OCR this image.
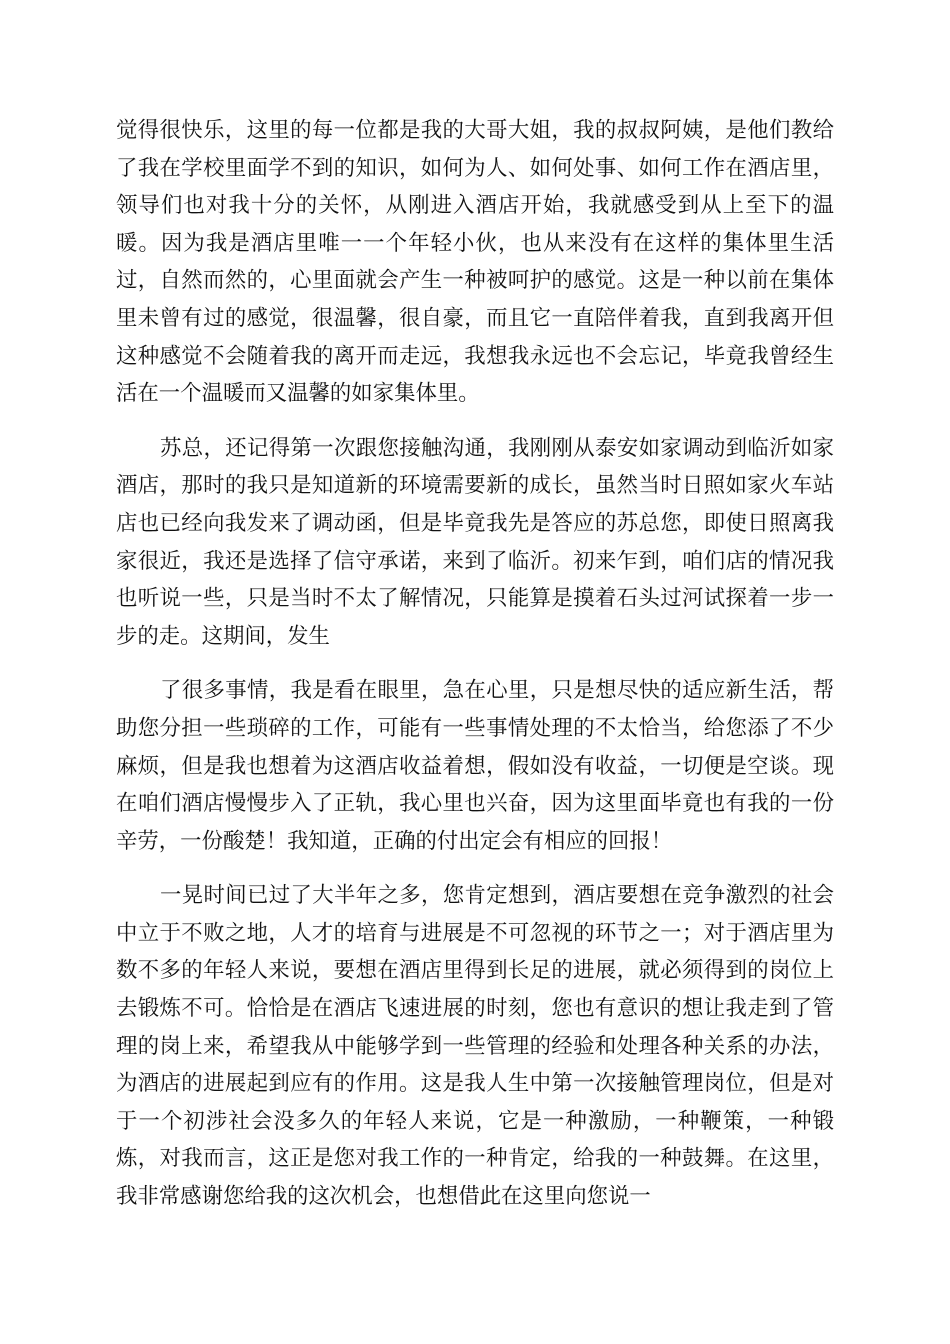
觉得很快乐，这里的每一位都是我的大哥大姐，我的叔叔阿姨，是他们教给了我在学校里面学不到的知识，如何为人、如何处事、如何工作在酒店里，领导们也对我十分的关怀，从刚进入酒店开始，我就感受到从上至下的温暖。因为我是酒店里唯一一个年轻小伙，也从来没有在这样的集体里生活过，自然而然的，心里面就会产生一种被呵护的感觉。这是一种以前在集体里未曾有过的感觉，很温馨，很自豪，而且它一直陪伴着我，直到我离开但这种感觉不会随着我的离开而走远，我想我永远也不会忘记，毕竟我曾经生活在一个温暖而又温馨的如家集体里。

苏总，还记得第一次跟您接触沟通，我刚刚从泰安如家调动到临沂如家酒店，那时的我只是知道新的环境需要新的成长，虽然当时日照如家火车站店也已经向我发来了调动函，但是毕竟我先是答应的苏总您，即使日照离我家很近，我还是选择了信守承诺，来到了临沂。初来乍到，咱们店的情况我也听说一些，只是当时不太了解情况，只能算是摸着石头过河试探着一步一步的走。这期间，发生

了很多事情，我是看在眼里，急在心里，只是想尽快的适应新生活，帮助您分担一些琐碎的工作，可能有一些事情处理的不太恰当，给您添了不少麻烦，但是我也想着为这酒店收益着想，假如没有收益，一切便是空谈。现在咱们酒店慢慢步入了正轨，我心里也兴奋，因为这里面毕竟也有我的一份辛劳，一份酸楚！我知道，正确的付出定会有相应的回报！

一晃时间已过了大半年之多，您肯定想到，酒店要想在竞争激烈的社会中立于不败之地，人才的培育与进展是不可忽视的环节之一；对于酒店里为数不多的年轻人来说，要想在酒店里得到长足的进展，就必须得到的岗位上去锻炼不可。恰恰是在酒店飞速进展的时刻，您也有意识的想让我走到了管理的岗上来，希望我从中能够学到一些管理的经验和处理各种关系的办法，为酒店的进展起到应有的作用。这是我人生中第一次接触管理岗位，但是对于一个初涉社会没多久的年轻人来说，它是一种激励，一种鞭策，一种锻炼，对我而言，这正是您对我工作的一种肯定，给我的一种鼓舞。在这里，我非常感谢您给我的这次机会，也想借此在这里向您说一
